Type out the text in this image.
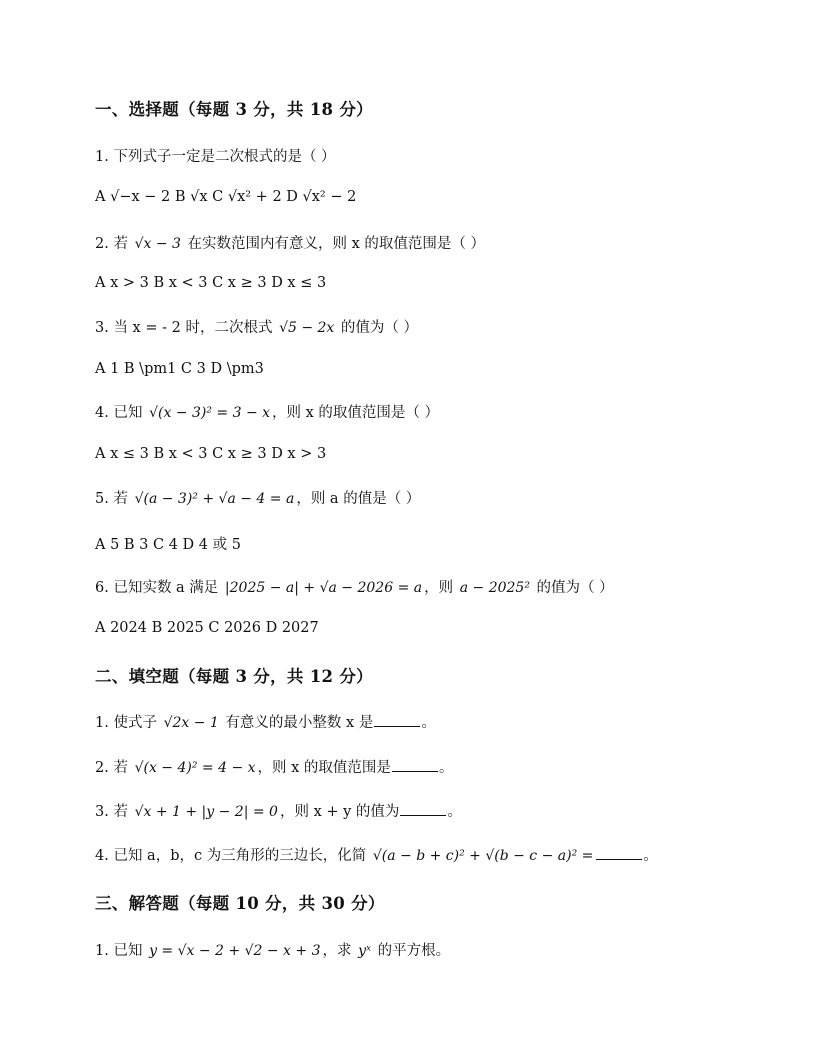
一、选择题（每题 3 分，共 18 分）
1. 下列式子一定是二次根式的是（ ）
A √−x − 2 B √x C √x² + 2 D √x² − 2
2. 若 √x − 3 在实数范围内有意义，则 x 的取值范围是（ ）
A x > 3 B x < 3 C x ≥ 3 D x ≤ 3
3. 当 x = - 2 时，二次根式 √5 − 2x 的值为（ ）
A 1 B \pm1 C 3 D \pm3
4. 已知 √(x − 3)² = 3 − x ，则 x 的取值范围是（ ）
A x ≤ 3 B x < 3 C x ≥ 3 D x > 3
5. 若 √(a − 3)² + √a − 4 = a ，则 a 的值是（ ）
A 5 B 3 C 4 D 4 或 5
6. 已知实数 a 满足 |2025 − a| + √a − 2026 = a ，则 a − 2025² 的值为（ ）
A 2024 B 2025 C 2026 D 2027
二、填空题（每题 3 分，共 12 分）
1. 使式子 √2x − 1 有意义的最小整数 x 是	。
2. 若 √(x − 4)² = 4 − x ，则 x 的取值范围是	。
3. 若 √x + 1 + |y − 2| = 0 ，则 x + y 的值为	。
4. 已知 a，b，c 为三角形的三边长，化简 √(a − b + c)² + √(b − c − a)² =	。
三、解答题（每题 10 分，共 30 分）
1. 已知 y = √x − 2 + √2 − x + 3 ，求 yˣ 的平方根。
